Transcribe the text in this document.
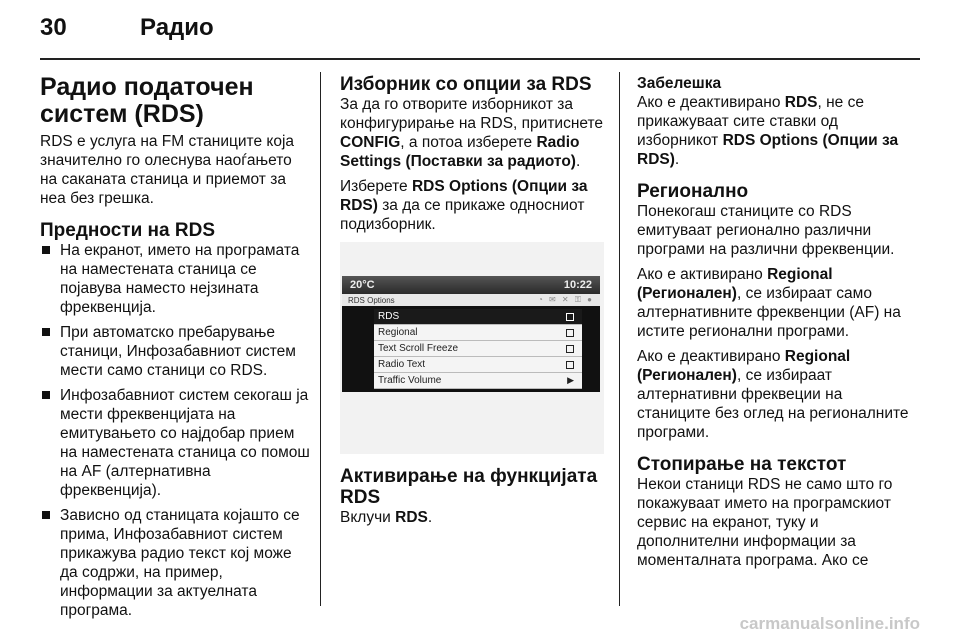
30	Радио
Радио податочен систем (RDS)

RDS е услуга на FM станиците која значително го олеснува наоѓањето на саканата станица и приемот за неа без грешка.

Предности на RDS
На екранот, името на програмата на наместената станица се појавува наместо нејзината фреквенција.
При автоматско пребарување станици, Инфозабавниот систем мести само станици со RDS.
Инфозабавниот систем секогаш ја мести фреквенцијата на емитувањето со најдобар прием на наместената станица со помош на AF (алтернативна фреквенција).
Зависно од станицата којашто се прима, Инфозабавниот систем прикажува радио текст кој може да содржи, на пример, информации за актуелната програма.
Изборник со опции за RDS

За да го отворите изборникот за конфигурирање на RDS, притиснете CONFIG, а потоа изберете Radio Settings (Поставки за радиото).

Изберете RDS Options (Опции за RDS) за да се прикаже односниот подизборник.

20°C	10:22
RDS Options	◔ ✉ ✕ ⚿ ●
RDS
Regional
Text Scroll Freeze
Radio Text
Traffic Volume	▶
Активирање на функцијата RDS

Вклучи RDS.

Забелешка

Ако е деактивирано RDS, не се прикажуваат сите ставки од изборникот RDS Options (Опции за RDS).

Регионално

Понекогаш станиците со RDS емитуваат регионално различни програми на различни фреквенции.

Ако е активирано Regional (Регионален), се избираат само алтернативните фреквенции (AF) на истите регионални програми.

Ако е деактивирано Regional (Регионален), се избираат алтернативни фреквеции на станиците без оглед на регионалните програми.

Стопирање на текстот

Некои станици RDS не само што го покажуваат името на програмскиот сервис на екранот, туку и дополнителни информации за моменталната програма. Ако се

carmanualsonline.info
